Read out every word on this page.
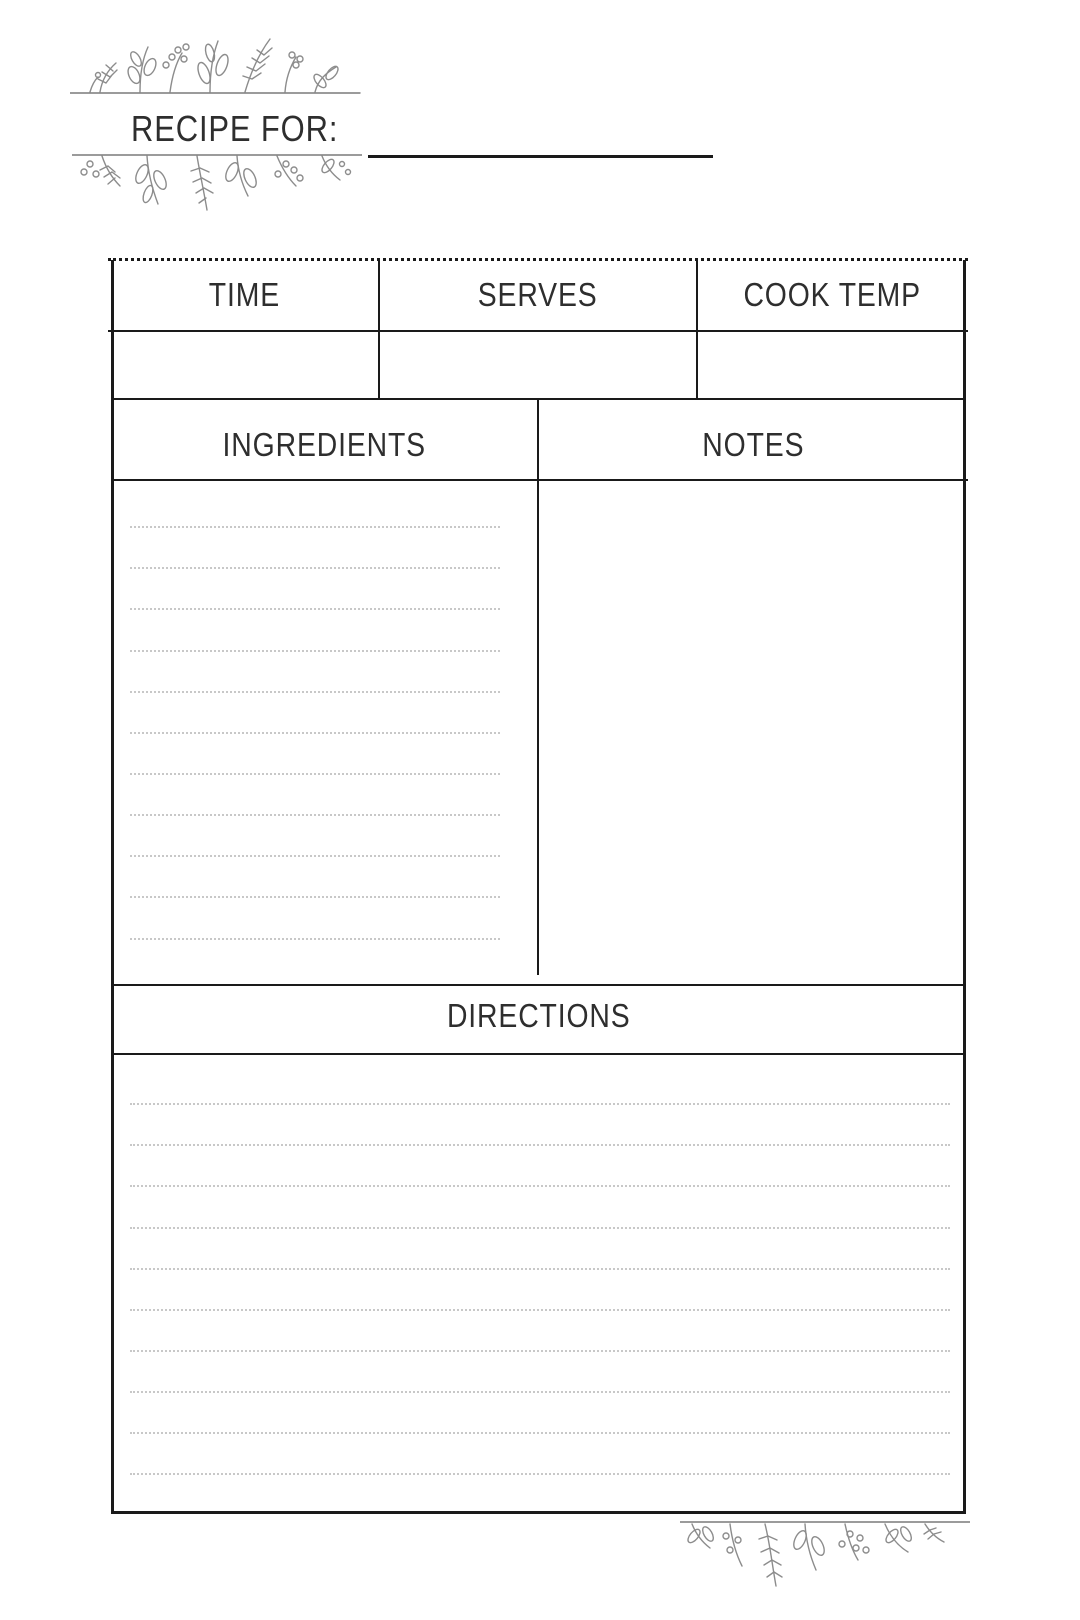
RECIPE FOR:
TIME	SERVES	COOK TEMP
INGREDIENTS	NOTES
DIRECTIONS
